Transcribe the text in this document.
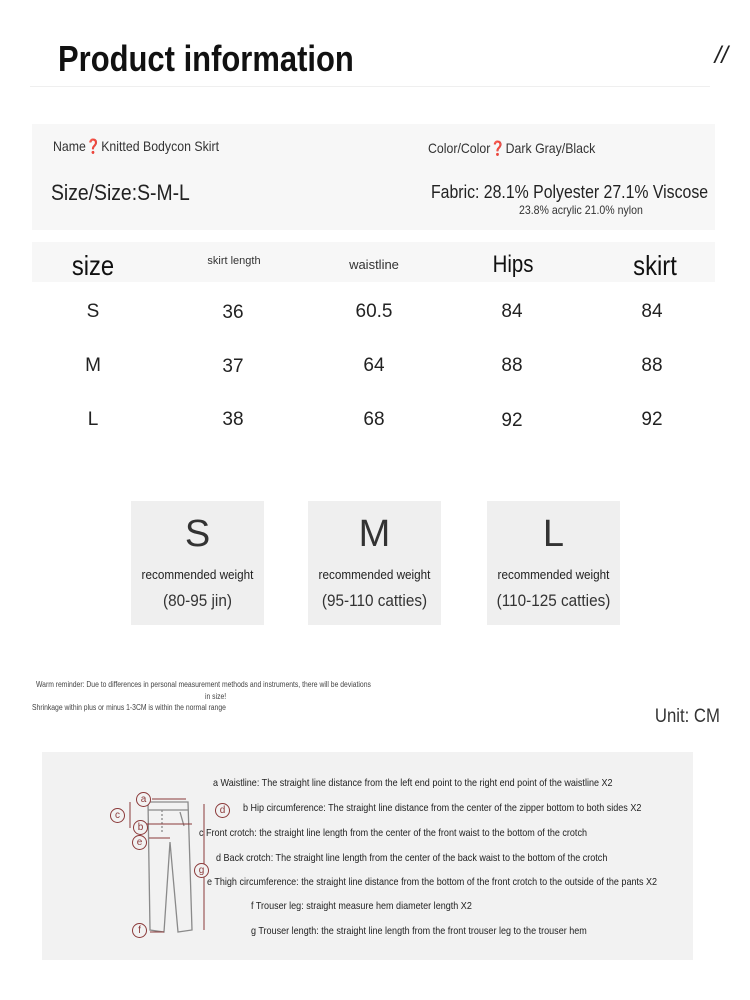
Product information	//
Name❓Knitted Bodycon Skirt	Color/Color❓Dark Gray/Black
Size/Size:S-M-L	Fabric: 28.1% Polyester 27.1% Viscose
23.8% acrylic 21.0% nylon
size	skirt length	waistline	Hips	skirt
S	36	60.5	84	84
M	37	64	88	88
L	38	68	92	92
S
recommended weight
(80-95 jin)
M
recommended weight
(95-110 catties)
L
recommended weight
(110-125 catties)
Warm reminder: Due to differences in personal measurement methods and instruments, there will be deviations
in size!
Shrinkage within plus or minus 1-3CM is within the normal range	Unit: CM
a
b
c	d
e
f
g
a Waistline: The straight line distance from the left end point to the right end point of the waistline X2
b Hip circumference: The straight line distance from the center of the zipper bottom to both sides X2
c Front crotch: the straight line length from the center of the front waist to the bottom of the crotch
d Back crotch: The straight line length from the center of the back waist to the bottom of the crotch
e Thigh circumference: the straight line distance from the bottom of the front crotch to the outside of the pants X2
f Trouser leg: straight measure hem diameter length X2
g Trouser length: the straight line length from the front trouser leg to the trouser hem
